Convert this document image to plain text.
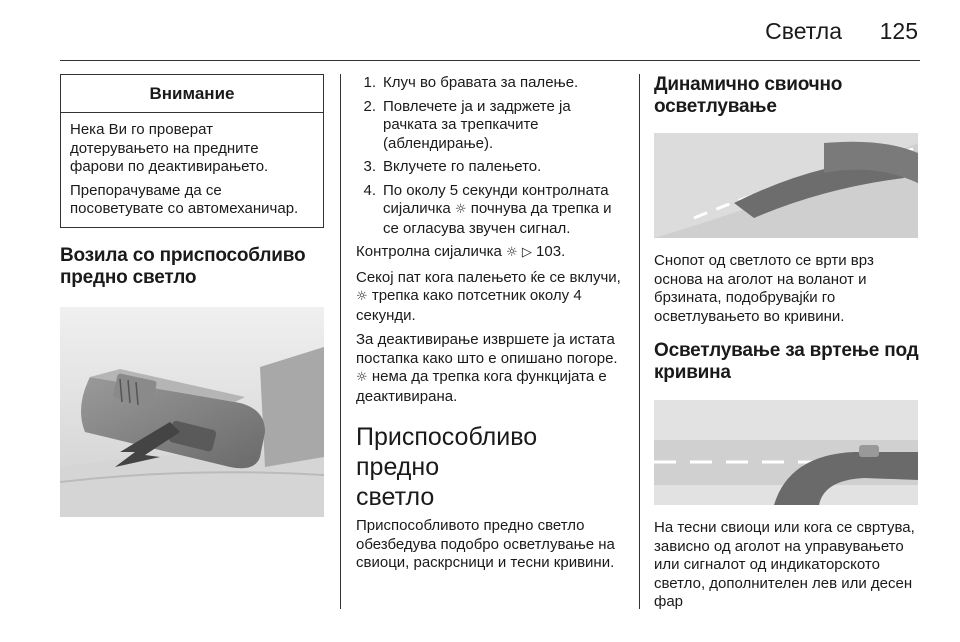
Светла 125
Внимание

Нека Ви го проверат дотерувањето на предните фарови по деактивирањето.

Препорачуваме да се посоветувате со автомеханичар.

Возила со приспособливо
предно светло
1. Клуч во бравата за палење.
2. Повлечете ја и задржете ја рачката за трепкачите (аблендирање).
3. Вклучете го палењето.
4. По околу 5 секунди контролната сијаличка ☼ почнува да трепка и се огласува звучен сигнал.

Контролна сијаличка ☼ ▷ 103.

Секој пат кога палењето ќе се вклучи, ☼ трепка како потсетник околу 4 секунди.

За деактивирање извршете ја истата постапка како што е опишано погоре. ☼ нема да трепка кога функцијата е деактивирана.

Приспособливо предно
светло

Приспособливото предно светло обезбедува подобро осветлување на свиоци, раскрсници и тесни кривини.

Динамично свиочно
осветлување

Снопот од светлото се врти врз основа на аголот на воланот и брзината, подобрувајќи го осветлувањето во кривини.

Осветлување за вртење под
кривина

На тесни свиоци или кога се свртува, зависно од аголот на управувањето или сигналот од индикаторското светло, дополнителен лев или десен фар
